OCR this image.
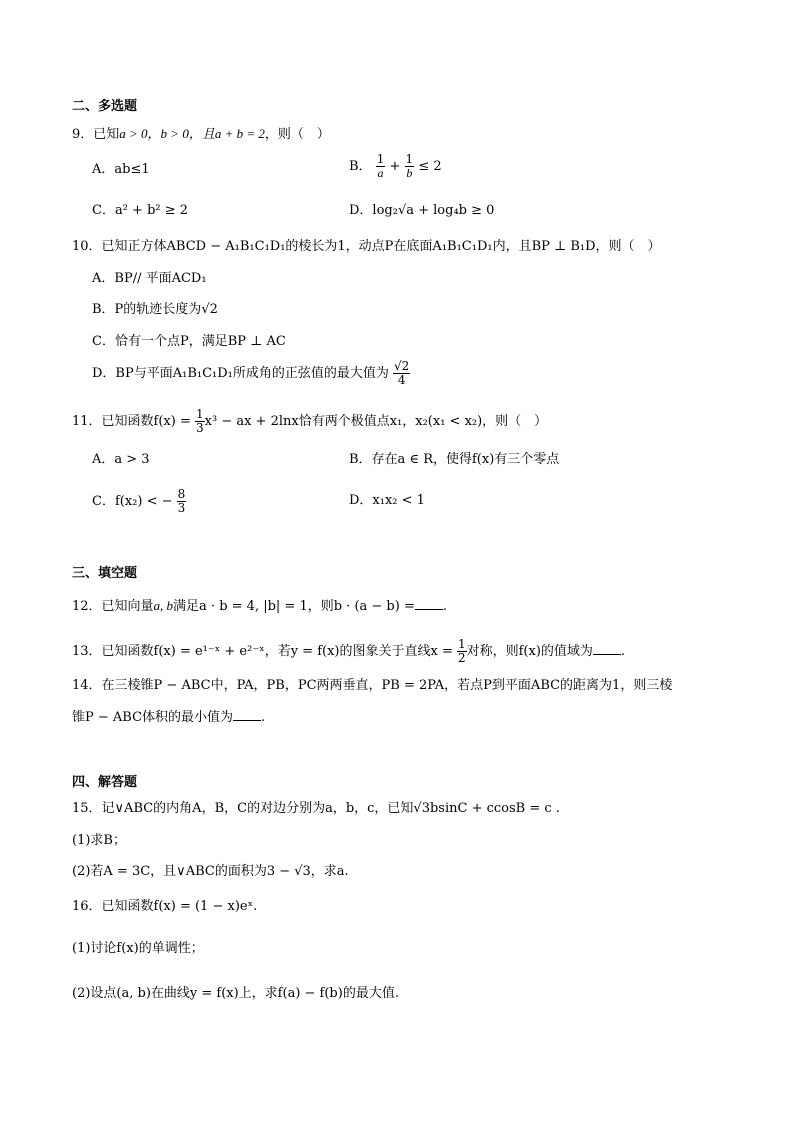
二、多选题
9．已知a > 0，b > 0，且a + b = 2，则（　）
A．ab≤1	B． $\frac{1}{a} + \frac{1}{b} \le 2$
C．a² + b² ≥ 2	D．log₂√a + log₄b ≥ 0
10．已知正方体ABCD − A₁B₁C₁D₁的棱长为1，动点P在底面A₁B₁C₁D₁内，且BP ⊥ B₁D，则（　）
A．BP// 平面ACD₁
B．P的轨迹长度为√2
C．恰有一个点P，满足BP ⊥ AC
D．BP与平面A₁B₁C₁D₁所成角的正弦值的最大值为 $\frac{√2}{4}$
11．已知函数$f(x) = \frac{1}{3} x^3$ − ax + 2lnx恰有两个极值点x₁，x₂(x₁ < x₂)，则（　）
A．a > 3	B．存在a ∈ R，使得f(x)有三个零点
C．f(x₂) < − $\frac{8}{3}$	D．x₁x₂ < 1
三、填空题
12．已知向量a, b满足a · b = 4, |b| = 1，则b · (a − b) = .
13．已知函数f(x) = e¹⁻ˣ + e²⁻ˣ，若y = f(x)的图象关于直线$x = \frac{1}{2}$ 对称，则f(x)的值域为 .
14．在三棱锥P − ABC中，PA，PB，PC两两垂直，PB = 2PA，若点P到平面ABC的距离为1，则三棱
锥P − ABC体积的最小值为 .
四、解答题
15．记∨ABC的内角A，B，C的对边分别为a，b，c，已知√3bsinC + ccosB = c .
(1)求B；
(2)若A = 3C，且∨ABC的面积为3 − √3，求a.
16．已知函数f(x) = (1 − x)eˣ.
(1)讨论f(x)的单调性；
(2)设点(a, b)在曲线y = f(x)上，求f(a) − f(b)的最大值.
